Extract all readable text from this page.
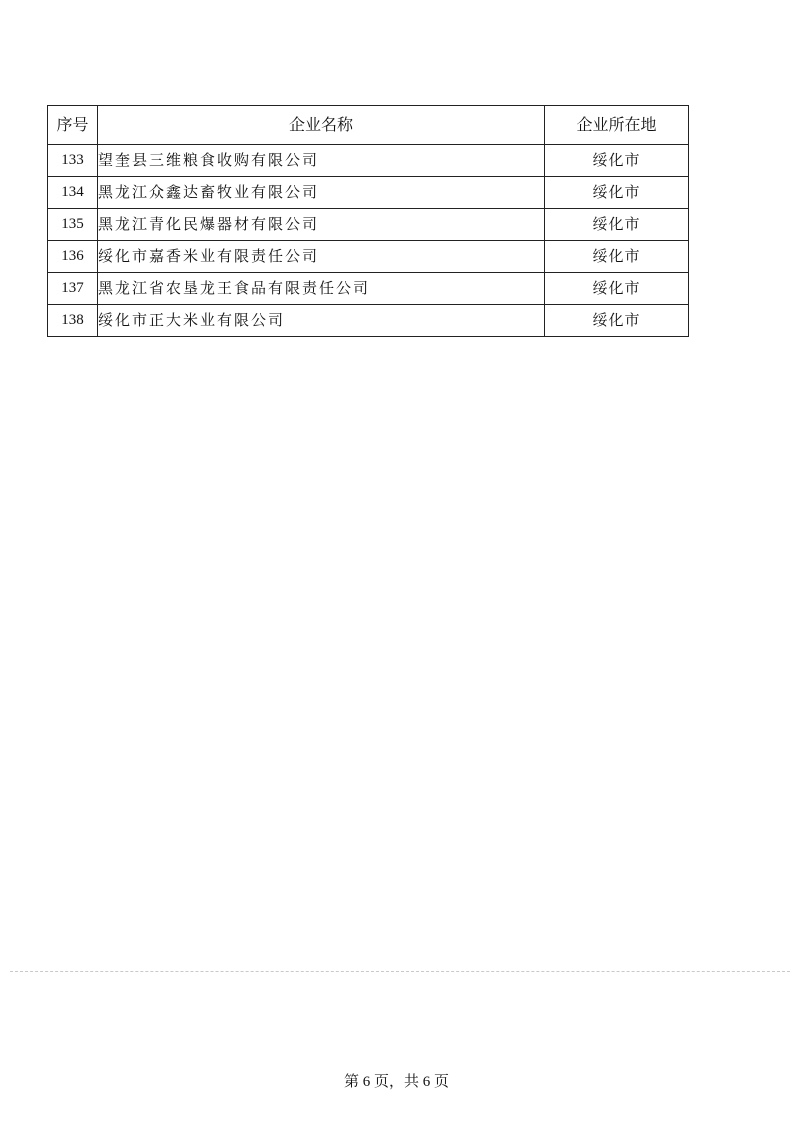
序号	企业名称	企业所在地
133	望奎县三维粮食收购有限公司	绥化市
134	黑龙江众鑫达畜牧业有限公司	绥化市
135	黑龙江青化民爆器材有限公司	绥化市
136	绥化市嘉香米业有限责任公司	绥化市
137	黑龙江省农垦龙王食品有限责任公司	绥化市
138	绥化市正大米业有限公司	绥化市
第 6 页，共 6 页
